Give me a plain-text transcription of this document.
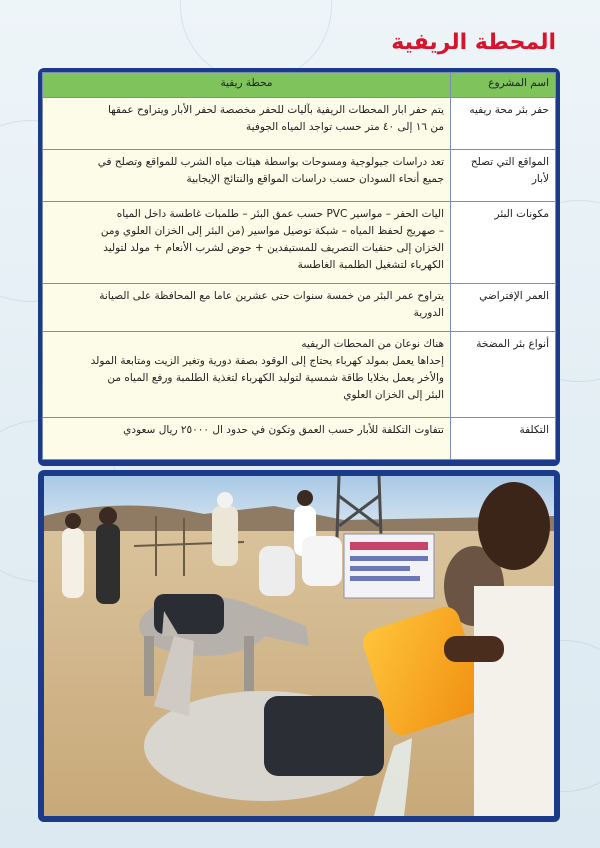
المحطة الريفية
اسم المشروع	محطة ريفية
حفر بئر محة ريفيه	يتم حفر ابار المحطات الريفية بآليات للحفر مخصصة لحفر الأبار ويتراوح عمقها
من ١٦ إلى ٤٠ متر حسب تواجد المياه الجوفية

المواقع التي تصلح لأبار	تعد دراسات جيولوجية ومسوحات بواسطة هيئات مياه الشرب للمواقع وتصلح في
جميع أنحاء السودان حسب دراسات المواقع والنتائج الإيجابية

مكونات البئر	اليات الحفر – مواسير PVC حسب عمق البئر – طلمبات غاطسة داخل المياه
– صهريج لحفظ المياه – شبكة توصيل مواسير (من البئر إلى الخزان العلوي ومن
الخزان إلى حنفيات التصريف للمستيفدين + حوض لشرب الأنعام + مولد لتوليد
الكهرباء لتشغيل الطلمبة الغاطسة

العمر الإفتراضي	يتراوح عمر البئر من خمسة سنوات حتى عشرين عاما مع المحافظة على الصيانة
الدورية

أنواع بئر المضخة	هناك نوعان من المحطات الريفيه
إحداها يعمل بمولد كهرباء يحتاج إلى الوقود بصفة دورية وتغير الزيت ومتابعة المولد
والأخر يعمل بخلايا طاقة شمسية لتوليد الكهرباء لتغذية الطلمبة ورفع المياه من
البئر إلى الخزان العلوي

التكلفة	تتفاوت التكلفة للأبار حسب العمق وتكون في حدود ال ٢٥٠٠٠ ريال سعودي
